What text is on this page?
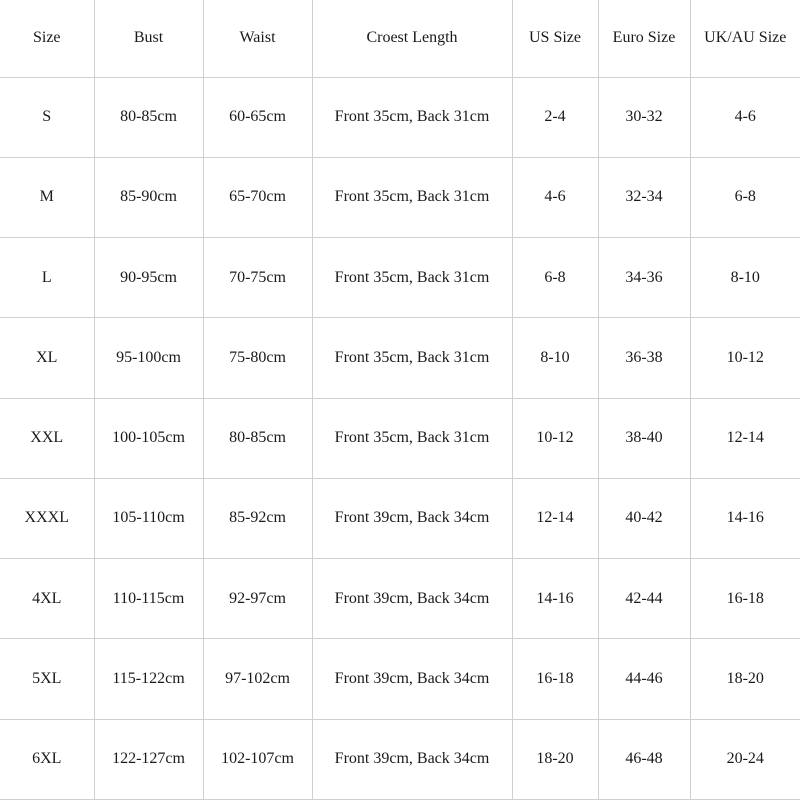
Size	Bust	Waist	Croest Length	US Size	Euro Size	UK/AU Size
S	80-85cm	60-65cm	Front 35cm, Back 31cm	2-4	30-32	4-6
M	85-90cm	65-70cm	Front 35cm, Back 31cm	4-6	32-34	6-8
L	90-95cm	70-75cm	Front 35cm, Back 31cm	6-8	34-36	8-10
XL	95-100cm	75-80cm	Front 35cm, Back 31cm	8-10	36-38	10-12
XXL	100-105cm	80-85cm	Front 35cm, Back 31cm	10-12	38-40	12-14
XXXL	105-110cm	85-92cm	Front 39cm, Back 34cm	12-14	40-42	14-16
4XL	110-115cm	92-97cm	Front 39cm, Back 34cm	14-16	42-44	16-18
5XL	115-122cm	97-102cm	Front 39cm, Back 34cm	16-18	44-46	18-20
6XL	122-127cm	102-107cm	Front 39cm, Back 34cm	18-20	46-48	20-24
